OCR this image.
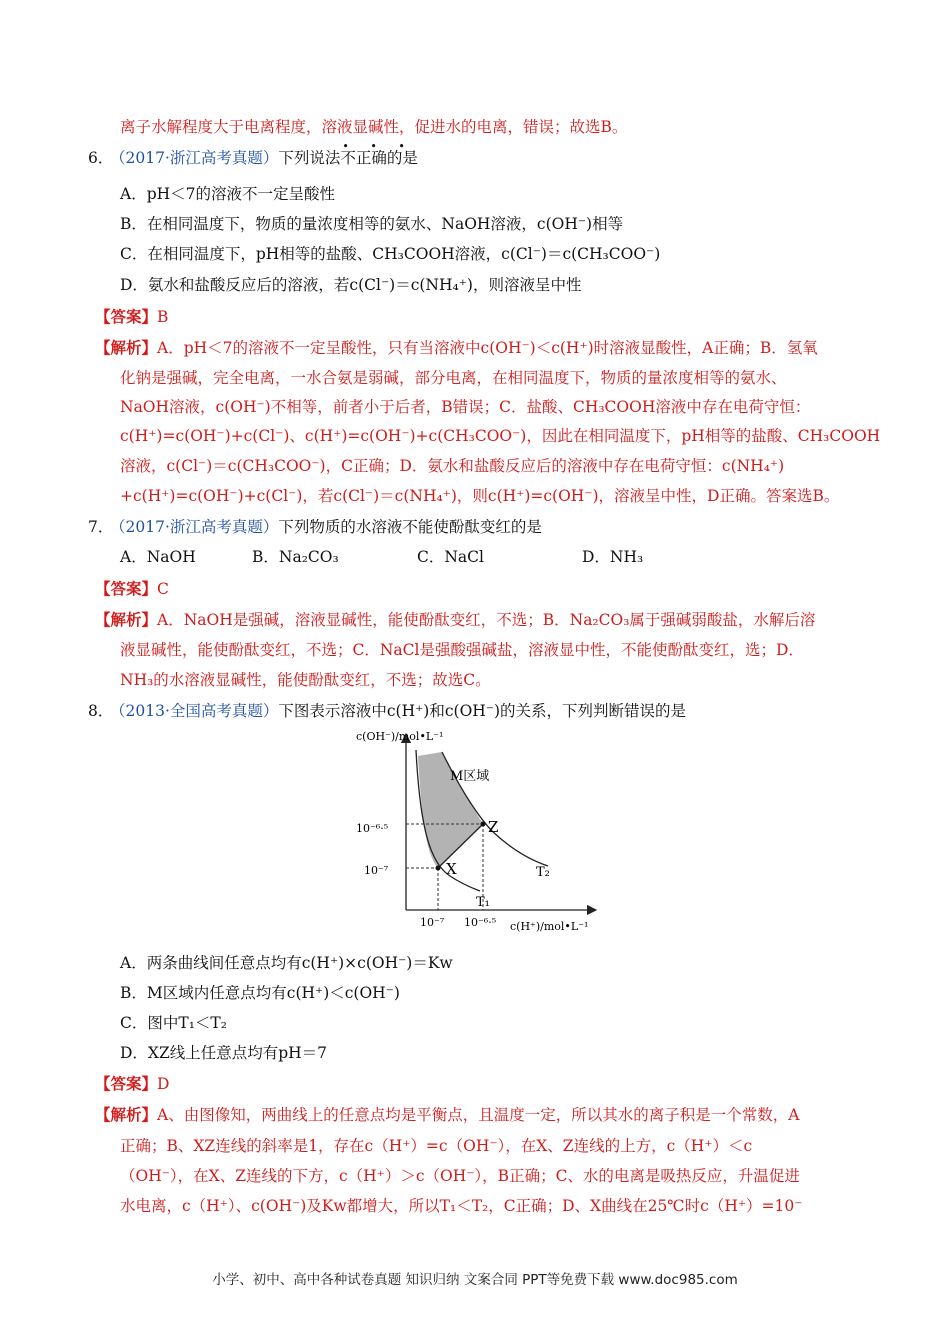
离子水解程度大于电离程度，溶液显碱性，促进水的电离，错误；故选B。
6．
（2017·浙江高考真题）下列说法不正确
• • •
的是
A．pH＜7的溶液不一定呈酸性
B．在相同温度下，物质的量浓度相等的氨水、NaOH溶液，c(OH⁻)相等
C．在相同温度下，pH相等的盐酸、CH₃COOH溶液，c(Cl⁻)＝c(CH₃COO⁻)
D．氨水和盐酸反应后的溶液，若c(Cl⁻)＝c(NH₄⁺)，则溶液呈中性
【答案】B
【解析】A．pH＜7的溶液不一定呈酸性，只有当溶液中c(OH⁻)＜c(H⁺)时溶液显酸性，A正确；B．氢氧
化钠是强碱，完全电离，一水合氨是弱碱，部分电离，在相同温度下，物质的量浓度相等的氨水、
NaOH溶液，c(OH⁻)不相等，前者小于后者，B错误；C．盐酸、CH₃COOH溶液中存在电荷守恒：
c(H⁺)=c(OH⁻)+c(Cl⁻)、c(H⁺)=c(OH⁻)+c(CH₃COO⁻)，因此在相同温度下，pH相等的盐酸、CH₃COOH
溶液，c(Cl⁻)＝c(CH₃COO⁻)，C正确；D．氨水和盐酸反应后的溶液中存在电荷守恒：c(NH₄⁺)
+c(H⁺)=c(OH⁻)+c(Cl⁻)，若c(Cl⁻)＝c(NH₄⁺)，则c(H⁺)=c(OH⁻)，溶液呈中性，D正确。答案选B。
7．
（2017·浙江高考真题）下列物质的水溶液不能使酚酞变红的是
A．NaOH	B．Na₂CO₃	C．NaCl	D．NH₃
【答案】C
【解析】A．NaOH是强碱，溶液显碱性，能使酚酞变红，不选；B．Na₂CO₃属于强碱弱酸盐，水解后溶
液显碱性，能使酚酞变红，不选；C．NaCl是强酸强碱盐，溶液显中性，不能使酚酞变红，选；D．
NH₃的水溶液显碱性，能使酚酞变红，不选；故选C。
8．
（2013·全国高考真题）下图表示溶液中c(H⁺)和c(OH⁻)的关系，下列判断错误的是
c(OH⁻)/mol•L⁻¹
c(H⁺)/mol•L⁻¹
M区域
10⁻⁶·⁵
10⁻⁷
10⁻⁷ 10⁻⁶·⁵
X
Z
T₁
T₂
A．两条曲线间任意点均有c(H⁺)×c(OH⁻)＝Kw
B．M区域内任意点均有c(H⁺)＜c(OH⁻)
C．图中T₁＜T₂
D．XZ线上任意点均有pH＝7
【答案】D
【解析】A、由图像知，两曲线上的任意点均是平衡点，且温度一定，所以其水的离子积是一个常数，A
正确；B、XZ连线的斜率是1，存在c（H⁺）=c（OH⁻），在X、Z连线的上方，c（H⁺）＜c
（OH⁻），在X、Z连线的下方，c（H⁺）＞c（OH⁻），B正确；C、水的电离是吸热反应，升温促进
水电离，c（H⁺）、c(OH⁻)及Kw都增大，所以T₁＜T₂，C正确；D、X曲线在25℃时c（H⁺）=10⁻
小学、初中、高中各种试卷真题 知识归纳 文案合同 PPT等免费下载 www.doc985.com
